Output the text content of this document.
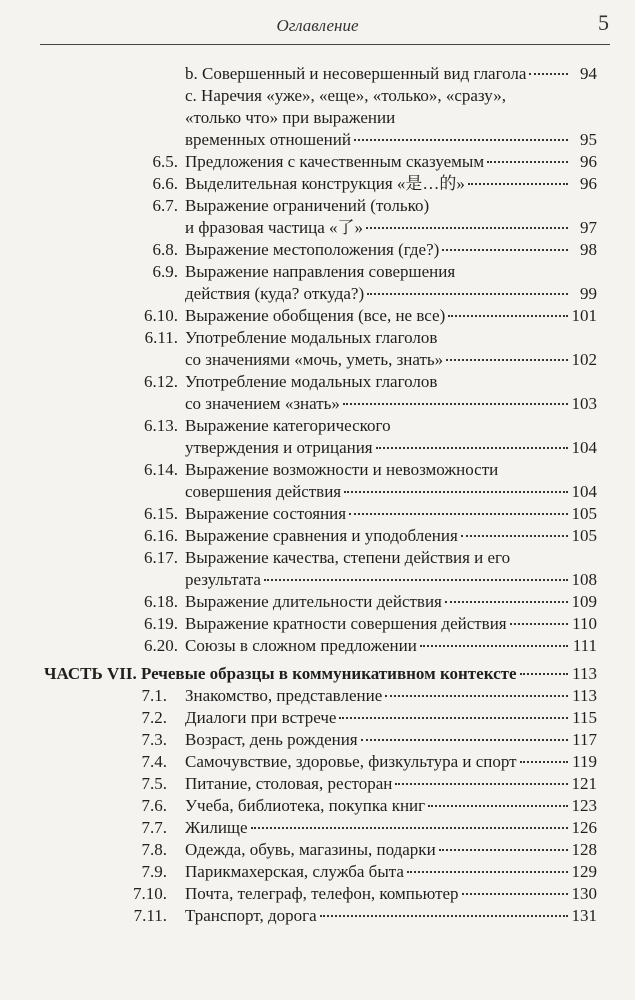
Оглавление	5
b. Совершенный и несовершенный вид глагола	94
c. Наречия «уже», «еще», «только», «сразу»,
«только что» при выражении
временных отношений	95
6.5. Предложения с качественным сказуемым	96
6.6. Выделительная конструкция «是…的»	96
6.7. Выражение ограничений (только)
и фразовая частица «了»	97
6.8. Выражение местоположения (где?)	98
6.9. Выражение направления совершения
действия (куда? откуда?)	99
6.10. Выражение обобщения (все, не все)	101
6.11. Употребление модальных глаголов
со значениями «мочь, уметь, знать»	102
6.12. Употребление модальных глаголов
со значением «знать»	103
6.13. Выражение категорического
утверждения и отрицания	104
6.14. Выражение возможности и невозможности
совершения действия	104
6.15. Выражение состояния	105
6.16. Выражение сравнения и уподобления	105
6.17. Выражение качества, степени действия и его
результата	108
6.18. Выражение длительности действия	109
6.19. Выражение кратности совершения действия	110
6.20. Союзы в сложном предложении	111
ЧАСТЬ VII. Речевые образцы в коммуникативном контексте	113
7.1. Знакомство, представление	113
7.2. Диалоги при встрече	115
7.3. Возраст, день рождения	117
7.4. Самочувствие, здоровье, физкультура и спорт	119
7.5. Питание, столовая, ресторан	121
7.6. Учеба, библиотека, покупка книг	123
7.7. Жилище	126
7.8. Одежда, обувь, магазины, подарки	128
7.9. Парикмахерская, служба быта	129
7.10. Почта, телеграф, телефон, компьютер	130
7.11. Транспорт, дорога	131
